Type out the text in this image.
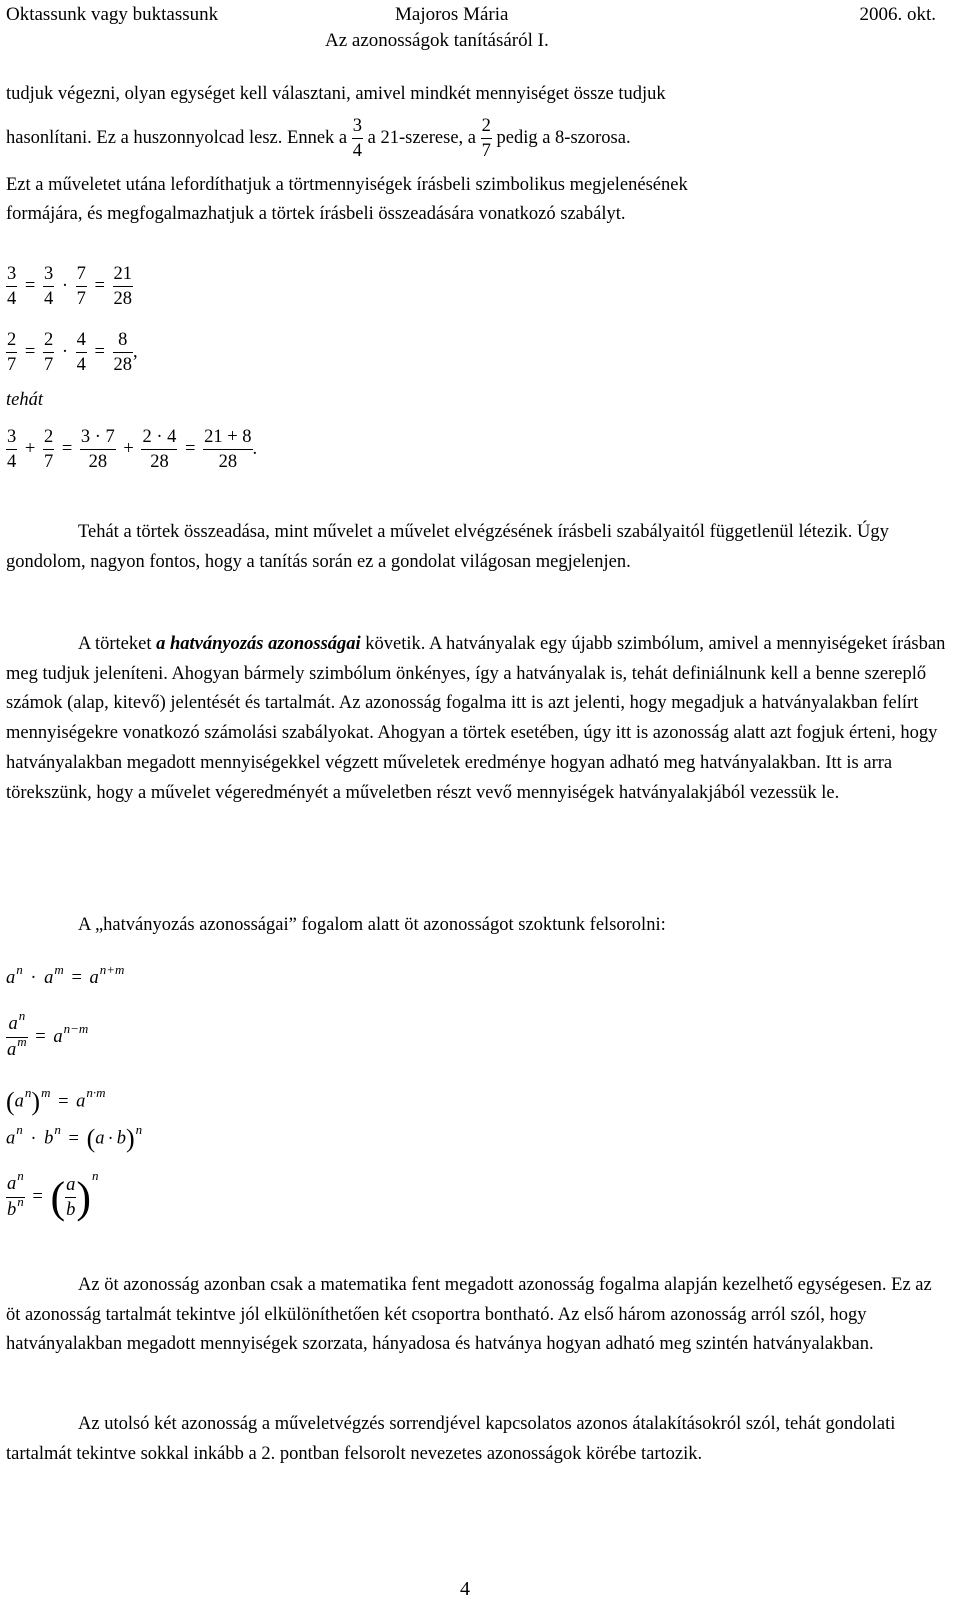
Oktassunk vagy buktassunk	Majoros Mária	2006. okt.
Az azonosságok tanításáról I.
tudjuk végezni, olyan egységet kell választani, amivel mindkét mennyiséget össze tudjuk
hasonlítani. Ez a huszonnyolcad lesz. Ennek a $\frac{3}{4}$ a 21-szerese, a $\frac{2}{7}$ pedig a 8-szorosa.
Ezt a műveletet utána lefordíthatjuk a törtmennyiségek írásbeli szimbolikus megjelenésének
formájára, és megfogalmazhatjuk a törtek írásbeli összeadására vonatkozó szabályt.
$\frac{3}{4} = \frac{3}{4} \cdot \frac{7}{7} = \frac{21}{28}$
$\frac{2}{7} = \frac{2}{7} \cdot \frac{4}{4} = \frac{8}{28}$ ,
tehát
$\frac{3}{4} + \frac{2}{7} = \frac{3 \cdot 7}{28} + \frac{2 \cdot 4}{28} = \frac{21 + 8}{28}$ .
Tehát a törtek összeadása, mint művelet a művelet elvégzésének írásbeli szabályaitól függetlenül létezik. Úgy gondolom, nagyon fontos, hogy a tanítás során ez a gondolat világosan megjelenjen.
A törteket a hatványozás azonosságai követik. A hatványalak egy újabb szimbólum, amivel a mennyiségeket írásban meg tudjuk jeleníteni. Ahogyan bármely szimbólum önkényes, így a hatványalak is, tehát definiálnunk kell a benne szereplő számok (alap, kitevő) jelentését és tartalmát. Az azonosság fogalma itt is azt jelenti, hogy megadjuk a hatványalakban felírt mennyiségekre vonatkozó számolási szabályokat. Ahogyan a törtek esetében, úgy itt is azonosság alatt azt fogjuk érteni, hogy hatványalakban megadott mennyiségekkel végzett műveletek eredménye hogyan adható meg hatványalakban. Itt is arra törekszünk, hogy a művelet végeredményét a műveletben részt vevő mennyiségek hatványalakjából vezessük le.
A „hatványozás azonosságai” fogalom alatt öt azonosságot szoktunk felsorolni:
$a^n \cdot a^m = a^{n+m}$
$\frac{a^n}{a^m} = a^{n-m}$
$(a^n)^m = a^{n\cdot m}$
$a^n \cdot b^n = (a \cdot b)^n$
$\frac{a^n}{b^n}$ = ( $\frac{a}{b} )^n$
Az öt azonosság azonban csak a matematika fent megadott azonosság fogalma alapján kezelhető egységesen. Ez az öt azonosság tartalmát tekintve jól elkülöníthetően két csoportra bontható. Az első három azonosság arról szól, hogy hatványalakban megadott mennyiségek szorzata, hányadosa és hatványa hogyan adható meg szintén hatványalakban.
Az utolsó két azonosság a műveletvégzés sorrendjével kapcsolatos azonos átalakításokról szól, tehát gondolati tartalmát tekintve sokkal inkább a 2. pontban felsorolt nevezetes azonosságok körébe tartozik.
4
